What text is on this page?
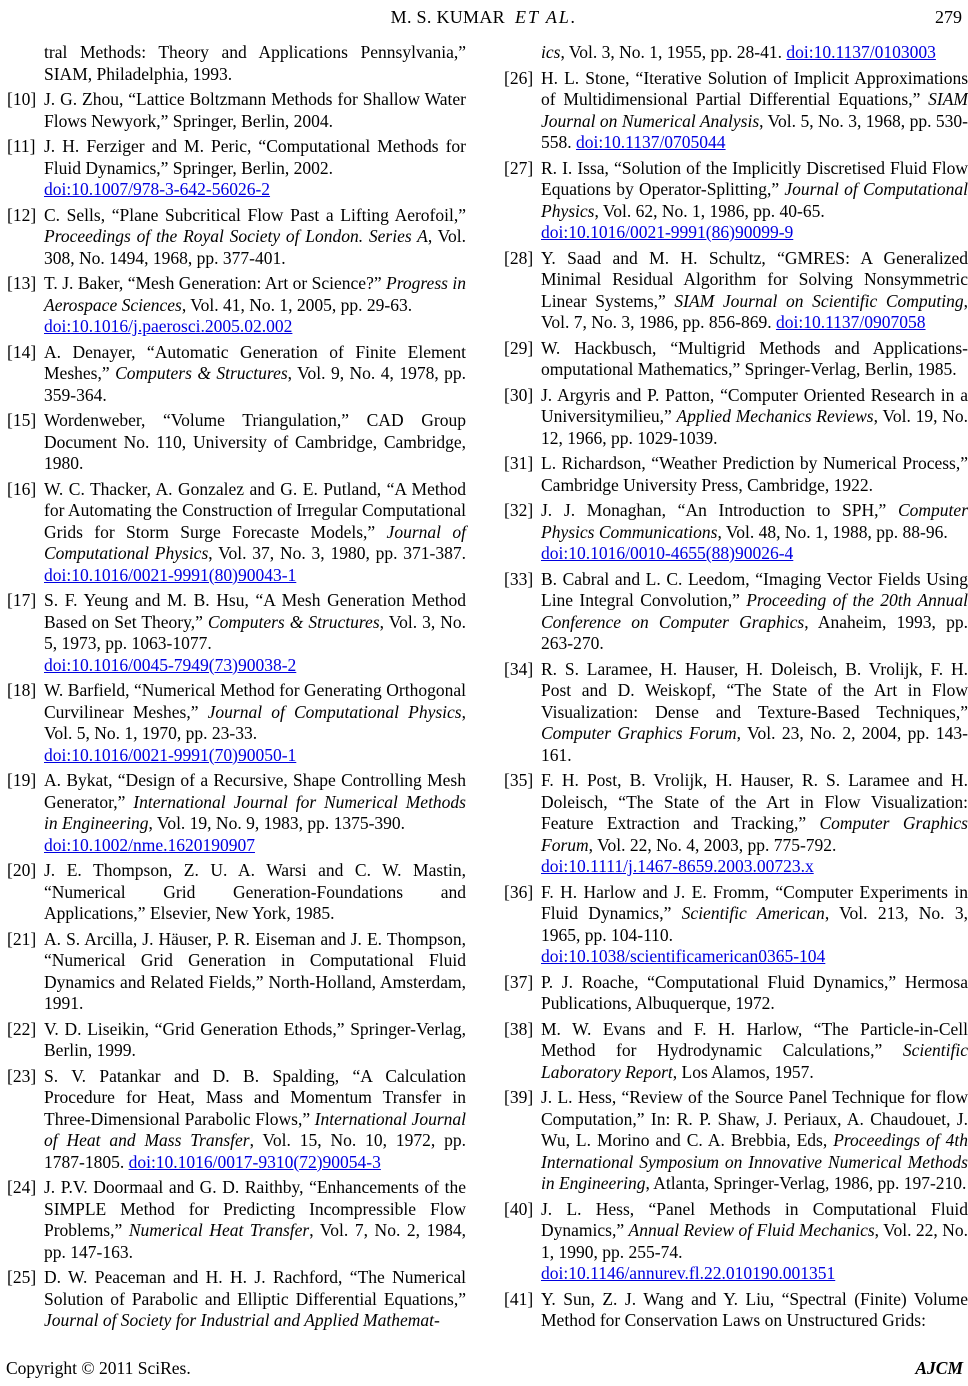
M. S. KUMAR ET AL.	279
tral Methods: Theory and Applications Pennsylvania,” SIAM, Philadelphia, 1993.
[10] J. G. Zhou, “Lattice Boltzmann Methods for Shallow Water Flows Newyork,” Springer, Berlin, 2004.
[11] J. H. Ferziger and M. Peric, “Computational Methods for Fluid Dynamics,” Springer, Berlin, 2002.
doi:10.1007/978-3-642-56026-2
[12] C. Sells, “Plane Subcritical Flow Past a Lifting Aerofoil,” Proceedings of the Royal Society of London. Series A, Vol. 308, No. 1494, 1968, pp. 377-401.
[13] T. J. Baker, “Mesh Generation: Art or Science?” Progress in Aerospace Sciences, Vol. 41, No. 1, 2005, pp. 29-63.
doi:10.1016/j.paerosci.2005.02.002
[14] A. Denayer, “Automatic Generation of Finite Element Meshes,” Computers & Structures, Vol. 9, No. 4, 1978, pp. 359-364.
[15] Wordenweber, “Volume Triangulation,” CAD Group Document No. 110, University of Cambridge, Cambridge, 1980.
[16] W. C. Thacker, A. Gonzalez and G. E. Putland, “A Method for Automating the Construction of Irregular Computational Grids for Storm Surge Forecaste Models,” Journal of Computational Physics, Vol. 37, No. 3, 1980, pp. 371-387. doi:10.1016/0021-9991(80)90043-1
[17] S. F. Yeung and M. B. Hsu, “A Mesh Generation Method Based on Set Theory,” Computers & Structures, Vol. 3, No. 5, 1973, pp. 1063-1077.
doi:10.1016/0045-7949(73)90038-2
[18] W. Barfield, “Numerical Method for Generating Orthogonal Curvilinear Meshes,” Journal of Computational Physics, Vol. 5, No. 1, 1970, pp. 23-33.
doi:10.1016/0021-9991(70)90050-1
[19] A. Bykat, “Design of a Recursive, Shape Controlling Mesh Generator,” International Journal for Numerical Methods in Engineering, Vol. 19, No. 9, 1983, pp. 1375-390.
doi:10.1002/nme.1620190907
[20] J. E. Thompson, Z. U. A. Warsi and C. W. Mastin, “Numerical Grid Generation-Foundations and Applications,” Elsevier, New York, 1985.
[21] A. S. Arcilla, J. Häuser, P. R. Eiseman and J. E. Thompson, “Numerical Grid Generation in Computational Fluid Dynamics and Related Fields,” North-Holland, Amsterdam, 1991.
[22] V. D. Liseikin, “Grid Generation Ethods,” Springer-Verlag, Berlin, 1999.
[23] S. V. Patankar and D. B. Spalding, “A Calculation Procedure for Heat, Mass and Momentum Transfer in Three-Dimensional Parabolic Flows,” International Journal of Heat and Mass Transfer, Vol. 15, No. 10, 1972, pp. 1787-1805. doi:10.1016/0017-9310(72)90054-3
[24] J. P.V. Doormaal and G. D. Raithby, “Enhancements of the SIMPLE Method for Predicting Incompressible Flow Problems,” Numerical Heat Transfer, Vol. 7, No. 2, 1984, pp. 147-163.
[25] D. W. Peaceman and H. H. J. Rachford, “The Numerical Solution of Parabolic and Elliptic Differential Equations,” Journal of Society for Industrial and Applied Mathemat-
ics, Vol. 3, No. 1, 1955, pp. 28-41. doi:10.1137/0103003
[26] H. L. Stone, “Iterative Solution of Implicit Approximations of Multidimensional Partial Differential Equations,” SIAM Journal on Numerical Analysis, Vol. 5, No. 3, 1968, pp. 530-558. doi:10.1137/0705044
[27] R. I. Issa, “Solution of the Implicitly Discretised Fluid Flow Equations by Operator-Splitting,” Journal of Computational Physics, Vol. 62, No. 1, 1986, pp. 40-65.
doi:10.1016/0021-9991(86)90099-9
[28] Y. Saad and M. H. Schultz, “GMRES: A Generalized Minimal Residual Algorithm for Solving Nonsymmetric Linear Systems,” SIAM Journal on Scientific Computing, Vol. 7, No. 3, 1986, pp. 856-869. doi:10.1137/0907058
[29] W. Hackbusch, “Multigrid Methods and Applications-omputational Mathematics,” Springer-Verlag, Berlin, 1985.
[30] J. Argyris and P. Patton, “Computer Oriented Research in a Universitymilieu,” Applied Mechanics Reviews, Vol. 19, No. 12, 1966, pp. 1029-1039.
[31] L. Richardson, “Weather Prediction by Numerical Process,” Cambridge University Press, Cambridge, 1922.
[32] J. J. Monaghan, “An Introduction to SPH,” Computer Physics Communications, Vol. 48, No. 1, 1988, pp. 88-96.
doi:10.1016/0010-4655(88)90026-4
[33] B. Cabral and L. C. Leedom, “Imaging Vector Fields Using Line Integral Convolution,” Proceeding of the 20th Annual Conference on Computer Graphics, Anaheim, 1993, pp. 263-270.
[34] R. S. Laramee, H. Hauser, H. Doleisch, B. Vrolijk, F. H. Post and D. Weiskopf, “The State of the Art in Flow Visualization: Dense and Texture-Based Techniques,” Computer Graphics Forum, Vol. 23, No. 2, 2004, pp. 143-161.
[35] F. H. Post, B. Vrolijk, H. Hauser, R. S. Laramee and H. Doleisch, “The State of the Art in Flow Visualization: Feature Extraction and Tracking,” Computer Graphics Forum, Vol. 22, No. 4, 2003, pp. 775-792.
doi:10.1111/j.1467-8659.2003.00723.x
[36] F. H. Harlow and J. E. Fromm, “Computer Experiments in Fluid Dynamics,” Scientific American, Vol. 213, No. 3, 1965, pp. 104-110.
doi:10.1038/scientificamerican0365-104
[37] P. J. Roache, “Computational Fluid Dynamics,” Hermosa Publications, Albuquerque, 1972.
[38] M. W. Evans and F. H. Harlow, “The Particle-in-Cell Method for Hydrodynamic Calculations,” Scientific Laboratory Report, Los Alamos, 1957.
[39] J. L. Hess, “Review of the Source Panel Technique for flow Computation,” In: R. P. Shaw, J. Periaux, A. Chaudouet, J. Wu, L. Morino and C. A. Brebbia, Eds, Proceedings of 4th International Symposium on Innovative Numerical Methods in Engineering, Atlanta, Springer-Verlag, 1986, pp. 197-210.
[40] J. L. Hess, “Panel Methods in Computational Fluid Dynamics,” Annual Review of Fluid Mechanics, Vol. 22, No. 1, 1990, pp. 255-74.
doi:10.1146/annurev.fl.22.010190.001351
[41] Y. Sun, Z. J. Wang and Y. Liu, “Spectral (Finite) Volume Method for Conservation Laws on Unstructured Grids:
Copyright © 2011 SciRes.	AJCM
